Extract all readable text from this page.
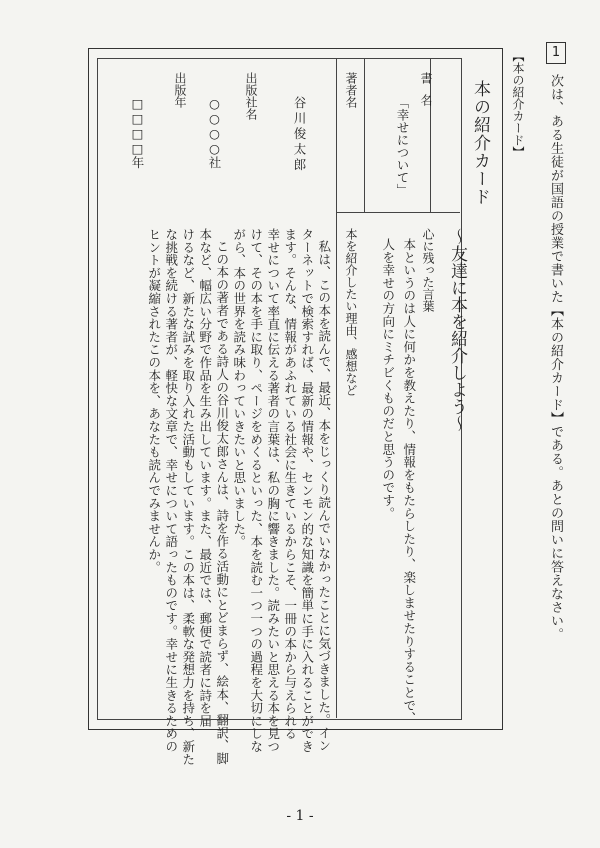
1
次は、ある生徒が国語の授業で書いた【本の紹介カード】である。あとの問いに答えなさい。
【本の紹介カード】
本の紹介カード
〜友達に本を紹介しよう〜
書名
「幸せについて」
著者名
谷川俊太郎
出版社名
○○○○社
出版年
□□□□年
心に残った言葉
本というのは人に何かを教えたり、情報をもたらしたり、楽しませたりすることで、
人を幸せの方向にミチビくものだと思うのです。
本を紹介したい理由、感想など
私は、この本を読んで、最近、本をじっくり読んでいなかったことに気づきました。イン
ターネットで検索すれば、最新の情報や、センモン的な知識を簡単に手に入れることができ
ます。そんな、情報があふれている社会に生きているからこそ、一冊の本から与えられる
幸せについて率直に伝える著者の言葉は、私の胸に響きました。読みたいと思える本を見つ
けて、その本を手に取り、ページをめくるといった、本を読む一つ一つの過程を大切にしな
がら、本の世界を読み味わっていきたいと思いました。
この本の著者である詩人の谷川俊太郎さんは、詩を作る活動にとどまらず、絵本、翻訳、脚
本など、幅広い分野で作品を生み出しています。また、最近では、郵便で読者に詩を届
けるなど、新たな試みを取り入れた活動もしています。この本は、柔軟な発想力を持ち、新た
な挑戦を続ける著者が、軽快な文章で、幸せについて語ったものです。幸せに生きるための
ヒントが凝縮されたこの本を、あなたも読んでみませんか。
- 1 -
